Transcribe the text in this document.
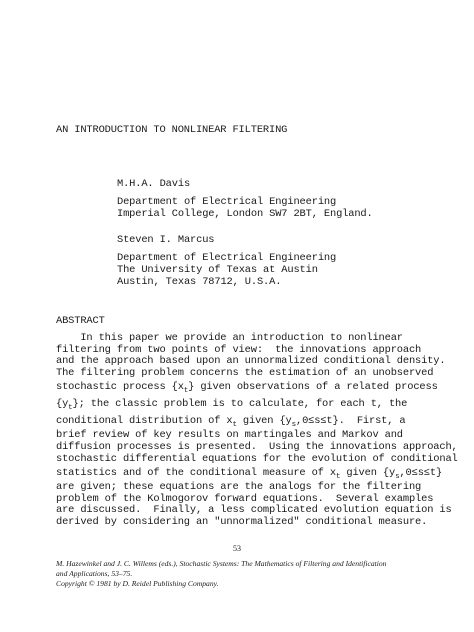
AN INTRODUCTION TO NONLINEAR FILTERING
M.H.A. Davis
Department of Electrical Engineering
Imperial College, London SW7 2BT, England.
Steven I. Marcus
Department of Electrical Engineering
The University of Texas at Austin
Austin, Texas 78712, U.S.A.
ABSTRACT
In this paper we provide an introduction to nonlinear
filtering from two points of view:  the innovations approach
and the approach based upon an unnormalized conditional density.
The filtering problem concerns the estimation of an unobserved
stochastic process $\{x_t\}$ given observations of a related process
$\{y_t\}$; the classic problem is to calculate, for each t, the
conditional distribution of $x_t$ given $\{y_s,0\le s\le t\}$.  First, a
brief review of key results on martingales and Markov and
diffusion processes is presented.  Using the innovations approach,
stochastic differential equations for the evolution of conditional
statistics and of the conditional measure of $x_t$ given $\{y_s,0\le s\le t\}$
are given; these equations are the analogs for the filtering
problem of the Kolmogorov forward equations.  Several examples
are discussed.  Finally, a less complicated evolution equation is
derived by considering an "unnormalized" conditional measure.
53
M. Hazewinkel and J. C. Willems (eds.), Stochastic Systems: The Mathematics of Filtering and Identification
and Applications, 53–75.
Copyright © 1981 by D. Reidel Publishing Company.
